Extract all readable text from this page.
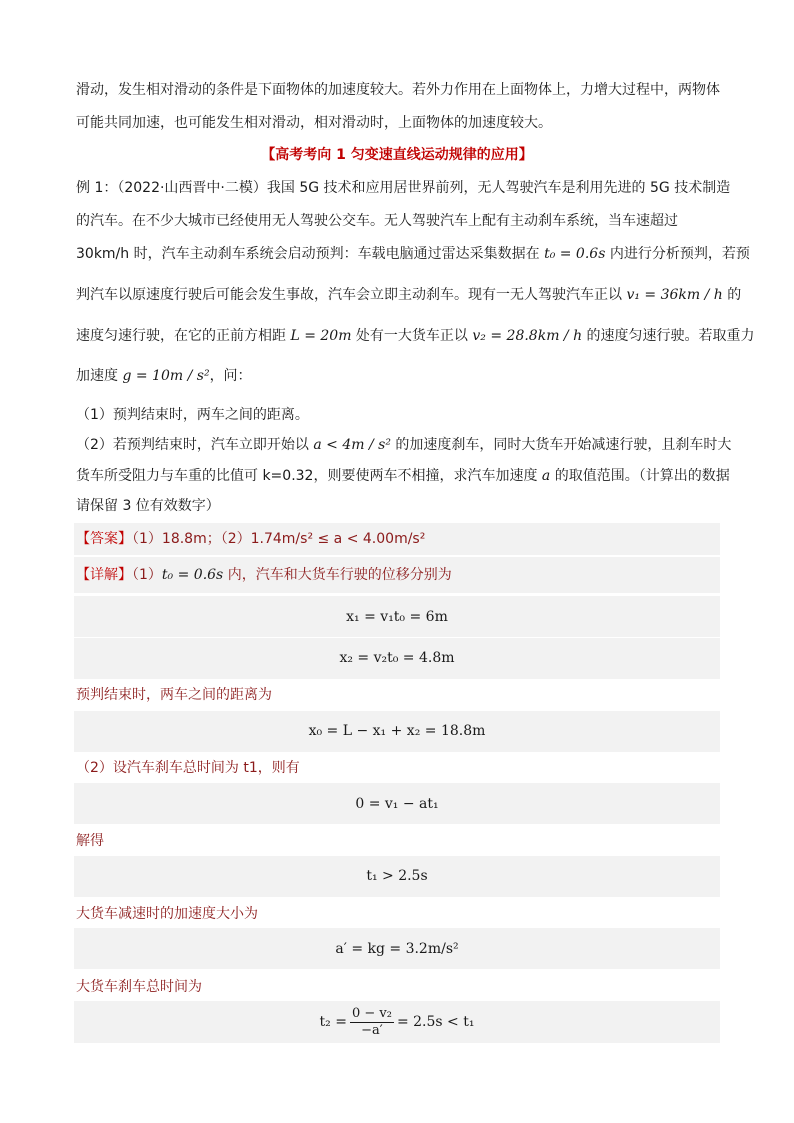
滑动，发生相对滑动的条件是下面物体的加速度较大。若外力作用在上面物体上，力增大过程中，两物体
可能共同加速，也可能发生相对滑动，相对滑动时，上面物体的加速度较大。
【高考考向 1 匀变速直线运动规律的应用】
例 1：（2022·山西晋中·二模）我国 5G 技术和应用居世界前列，无人驾驶汽车是利用先进的 5G 技术制造
的汽车。在不少大城市已经使用无人驾驶公交车。无人驾驶汽车上配有主动刹车系统，当车速超过
30km/h 时，汽车主动刹车系统会启动预判：车载电脑通过雷达采集数据在 t₀ = 0.6s 内进行分析预判，若预
判汽车以原速度行驶后可能会发生事故，汽车会立即主动刹车。现有一无人驾驶汽车正以 v₁ = 36km / h 的
速度匀速行驶，在它的正前方相距 L = 20m 处有一大货车正以 v₂ = 28.8km / h 的速度匀速行驶。若取重力
加速度 g = 10m / s²，问：
（1）预判结束时，两车之间的距离。
（2）若预判结束时，汽车立即开始以 a < 4m / s² 的加速度刹车，同时大货车开始减速行驶，且刹车时大
货车所受阻力与车重的比值可 k=0.32，则要使两车不相撞，求汽车加速度 a 的取值范围。（计算出的数据
请保留 3 位有效数字）
【答案】（1）18.8m；（2）1.74m/s² ≤ a < 4.00m/s²
【详解】（1）t₀ = 0.6s 内，汽车和大货车行驶的位移分别为
x₁ = v₁t₀ = 6m
x₂ = v₂t₀ = 4.8m
预判结束时，两车之间的距离为
x₀ = L − x₁ + x₂ = 18.8m
（2）设汽车刹车总时间为 t1，则有
0 = v₁ − at₁
解得
t₁ > 2.5s
大货车减速时的加速度大小为
a′ = kg = 3.2m/s²
大货车刹车总时间为
$t_2 = \frac{\text{0 − v₂}}{-a'} = 2.5s < t_1$
